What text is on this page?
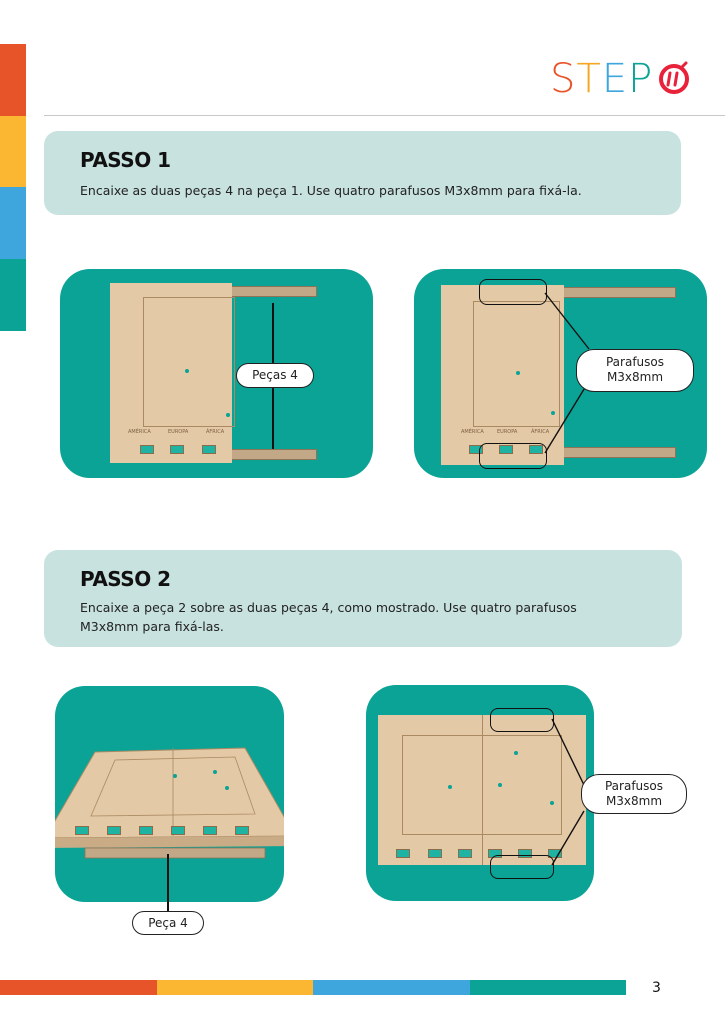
S T E P
PASSO 1
Encaixe as duas peças 4 na peça 1. Use quatro parafusos M3x8mm para fixá-la.
AMÉRICA	EUROPA	ÁFRICA
Peças 4
AMÉRICA	EUROPA	ÁFRICA
Parafusos
M3x8mm
PASSO 2
Encaixe a peça 2 sobre as duas peças 4, como mostrado. Use quatro parafusos
M3x8mm para fixá-las.
Peça 4
Parafusos
M3x8mm
3
